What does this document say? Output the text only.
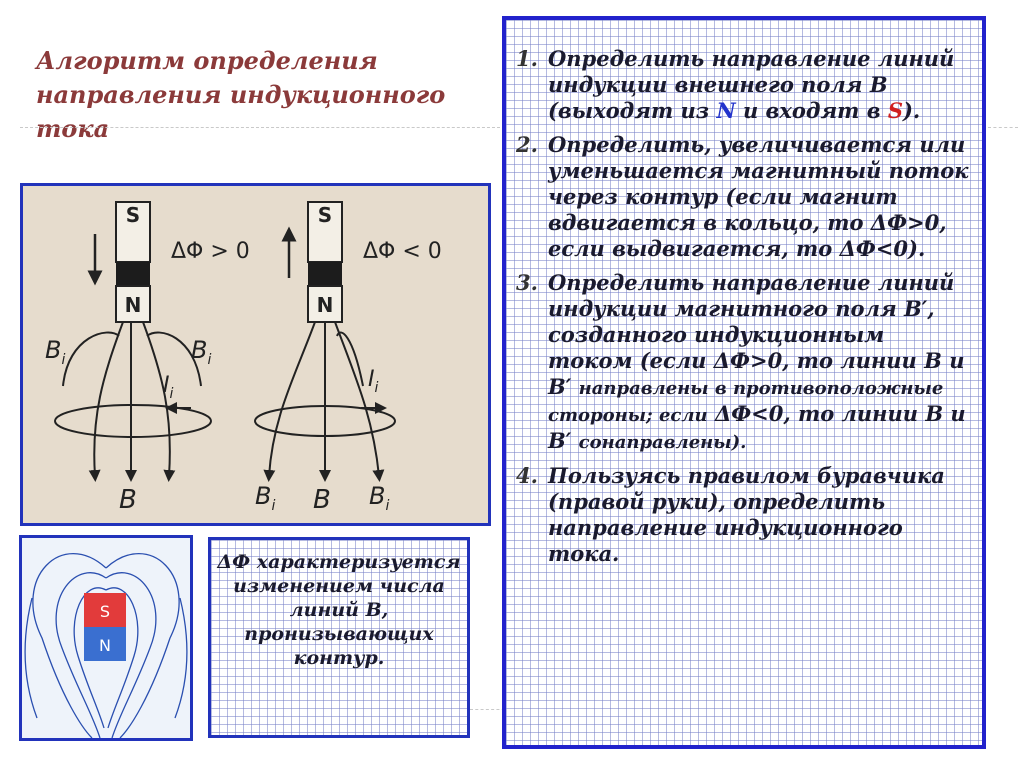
Алгоритм определения направления индукционного тока
S
N
ΔΦ > 0
$B_i$	$B_i$
$I_i$
B
S
N
ΔΦ < 0
$I_i$
$B_i$ B $B_i$
S
N
ΔФ характеризуется изменением числа линий В, пронизывающих контур.
1. Определить направление линий индукции внешнего поля В (выходят из N и входят в S).
2. Определить, увеличивается или уменьшается магнитный поток через контур (если магнит вдвигается в кольцо, то ΔФ>0, если выдвигается, то ΔФ<0).
3. Определить направление линий индукции магнитного поля В′, созданного индукционным током (если ΔФ>0, то линии В и В′ направлены в противоположные стороны; если ΔФ<0, то линии В и В′ сонаправлены).
4. Пользуясь правилом буравчика (правой руки), определить направление индукционного тока.
